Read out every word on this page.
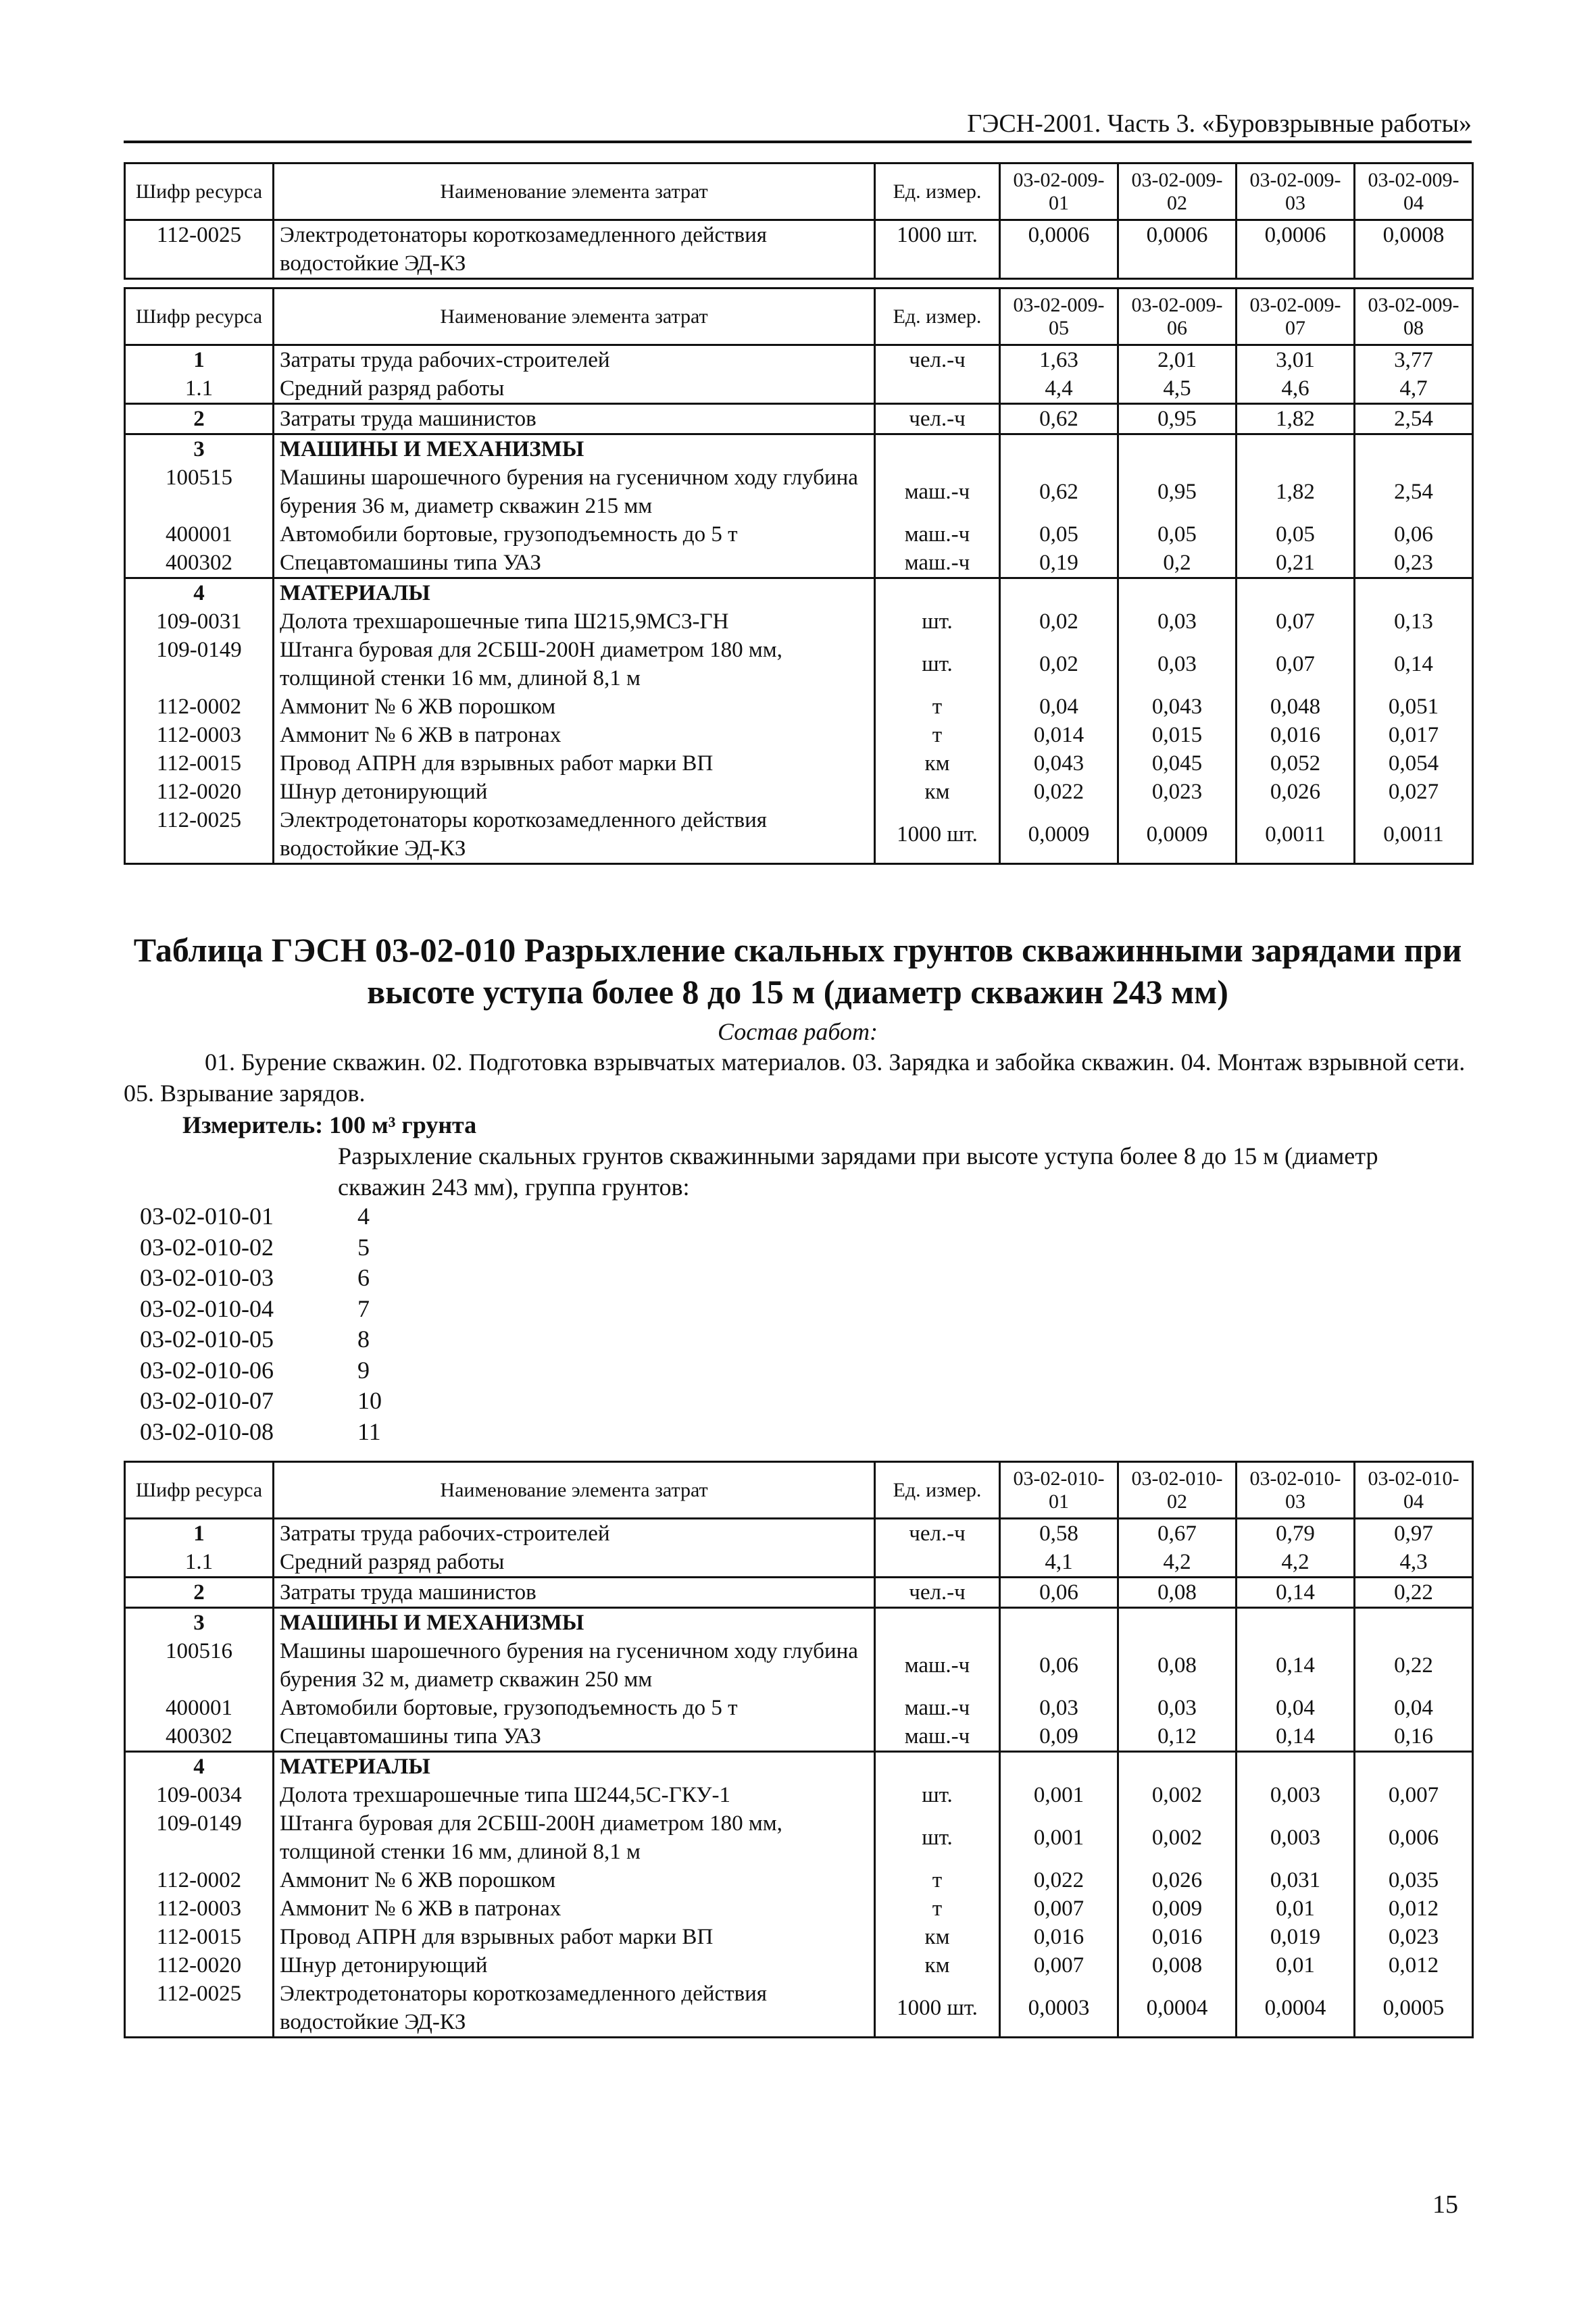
ГЭСН-2001. Часть 3. «Буровзрывные работы»
Шифр ресурса	Наименование элемента затрат	Ед. измер.	03-02-009-01	03-02-009-02	03-02-009-03	03-02-009-04
112-0025	Электродетонаторы короткозамедленного действия водостойкие ЭД-КЗ	1000 шт.	0,0006	0,0006	0,0006	0,0008
Шифр ресурса	Наименование элемента затрат	Ед. измер.	03-02-009-05	03-02-009-06	03-02-009-07	03-02-009-08
1	Затраты труда рабочих-строителей	чел.-ч	1,63	2,01	3,01	3,77
1.1	Средний разряд работы		4,4	4,5	4,6	4,7
2	Затраты труда машинистов	чел.-ч	0,62	0,95	1,82	2,54
3	МАШИНЫ И МЕХАНИЗМЫ					
100515	Машины шарошечного бурения на гусеничном ходу глубина бурения 36 м, диаметр скважин 215 мм	маш.-ч	0,62	0,95	1,82	2,54
400001	Автомобили бортовые, грузоподъемность до 5 т	маш.-ч	0,05	0,05	0,05	0,06
400302	Спецавтомашины типа УАЗ	маш.-ч	0,19	0,2	0,21	0,23
4	МАТЕРИАЛЫ					
109-0031	Долота трехшарошечные типа Ш215,9МС3-ГН	шт.	0,02	0,03	0,07	0,13
109-0149	Штанга буровая для 2СБШ-200Н диаметром 180 мм, толщиной стенки 16 мм, длиной 8,1 м	шт.	0,02	0,03	0,07	0,14
112-0002	Аммонит № 6 ЖВ порошком	т	0,04	0,043	0,048	0,051
112-0003	Аммонит № 6 ЖВ в патронах	т	0,014	0,015	0,016	0,017
112-0015	Провод АПРН для взрывных работ марки ВП	км	0,043	0,045	0,052	0,054
112-0020	Шнур детонирующий	км	0,022	0,023	0,026	0,027
112-0025	Электродетонаторы короткозамедленного действия водостойкие ЭД-КЗ	1000 шт.	0,0009	0,0009	0,0011	0,0011
Таблица ГЭСН 03-02-010 Разрыхление скальных грунтов скважинными зарядами при высоте уступа более 8 до 15 м (диаметр скважин 243 мм)
Состав работ:
01. Бурение скважин. 02. Подготовка взрывчатых материалов. 03. Зарядка и забойка скважин. 04. Монтаж взрывной сети. 05. Взрывание зарядов.
Измеритель: 100 м³ грунта
Разрыхление скальных грунтов скважинными зарядами при высоте уступа более 8 до 15 м (диаметр скважин 243 мм), группа грунтов:
03-02-010-01	4
03-02-010-02	5
03-02-010-03	6
03-02-010-04	7
03-02-010-05	8
03-02-010-06	9
03-02-010-07	10
03-02-010-08	11
Шифр ресурса	Наименование элемента затрат	Ед. измер.	03-02-010-01	03-02-010-02	03-02-010-03	03-02-010-04
1	Затраты труда рабочих-строителей	чел.-ч	0,58	0,67	0,79	0,97
1.1	Средний разряд работы		4,1	4,2	4,2	4,3
2	Затраты труда машинистов	чел.-ч	0,06	0,08	0,14	0,22
3	МАШИНЫ И МЕХАНИЗМЫ					
100516	Машины шарошечного бурения на гусеничном ходу глубина бурения 32 м, диаметр скважин 250 мм	маш.-ч	0,06	0,08	0,14	0,22
400001	Автомобили бортовые, грузоподъемность до 5 т	маш.-ч	0,03	0,03	0,04	0,04
400302	Спецавтомашины типа УАЗ	маш.-ч	0,09	0,12	0,14	0,16
4	МАТЕРИАЛЫ					
109-0034	Долота трехшарошечные типа Ш244,5С-ГКУ-1	шт.	0,001	0,002	0,003	0,007
109-0149	Штанга буровая для 2СБШ-200Н диаметром 180 мм, толщиной стенки 16 мм, длиной 8,1 м	шт.	0,001	0,002	0,003	0,006
112-0002	Аммонит № 6 ЖВ порошком	т	0,022	0,026	0,031	0,035
112-0003	Аммонит № 6 ЖВ в патронах	т	0,007	0,009	0,01	0,012
112-0015	Провод АПРН для взрывных работ марки ВП	км	0,016	0,016	0,019	0,023
112-0020	Шнур детонирующий	км	0,007	0,008	0,01	0,012
112-0025	Электродетонаторы короткозамедленного действия водостойкие ЭД-КЗ	1000 шт.	0,0003	0,0004	0,0004	0,0005
15
